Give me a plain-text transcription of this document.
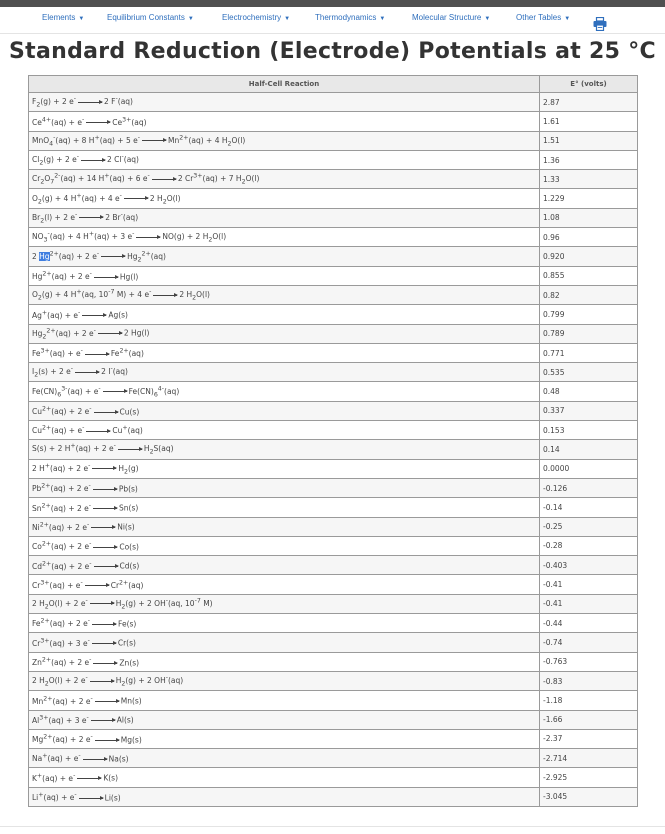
Elements ▼	Equilibrium Constants ▼	Electrochemistry ▼	Thermodynamics ▼	Molecular Structure ▼	Other Tables ▼
Standard Reduction (Electrode) Potentials at 25 °C
Half-Cell Reaction	E° (volts)
$F_2(g) + 2$ e- → 2 F-(aq)	2.87
$Ce^{4+}(aq) + e^- \to Ce^{3+}(aq)$	1.61
MnO$_4$-(aq) + 8 H+(aq) + 5 $e^- \to Mn^{2+}(aq) + 4$ $H_2O(l)$	1.51
$Cl_2(g) + 2$ e- → 2 Cl-(aq)	1.36
$Cr_2O_7^{2-}(aq) + 14$ H+(aq) + 6 e- → 2 $Cr^{3+}(aq) + 7$ $H_2O(l)$	1.33
$O_2(g) + 4$ H+(aq) + 4 e- → 2 $H_2O(l)$	1.229
$Br_2(l) + 2$ e- → 2 Br-(aq)	1.08
$NO_3^-(aq) + 4$ H+(aq) + 3 e- → NO(g) + 2 $H_2O(l)$	0.96
2 $Hg^{2+}(aq) + 2$ $e^- \to Hg_2^{2+}(aq)$	0.920
$Hg^{2+}(aq) + 2$ e- → Hg(l)	0.855
$O_2(g) + 4$ H+(aq, $10^{-7}$ M) + 4 e- → 2 $H_2O(l)$	0.82
Ag+(aq) + e- → Ag(s)	0.799
$Hg_2^{2+}(aq) + 2$ e- → 2 Hg(l)	0.789
$Fe^{3+}(aq) + e^- \to Fe^{2+}(aq)$	0.771
$I_2(s) + 2$ e- → 2 I-(aq)	0.535
$Fe(CN)_6^{3-}(aq) + e^- \to Fe(CN)_6^{4-}(aq)$	0.48
$Cu^{2+}(aq) + 2$ e- → Cu(s)	0.337
$Cu^{2+}(aq) + e^- \to Cu^+(aq)$	0.153
S(s) + 2 H+(aq) + 2 $e^- \to H_2S(aq)$	0.14
2 H+(aq) + 2 $e^- \to H_2(g)$	0.0000
$Pb^{2+}(aq) + 2$ e- → Pb(s)	-0.126
$Sn^{2+}(aq) + 2$ e- → Sn(s)	-0.14
$Ni^{2+}(aq) + 2$ e- → Ni(s)	-0.25
$Co^{2+}(aq) + 2$ e- → Co(s)	-0.28
$Cd^{2+}(aq) + 2$ e- → Cd(s)	-0.403
$Cr^{3+}(aq) + e^- \to Cr^{2+}(aq)$	-0.41
2 $H_2O(l) + 2$ $e^- \to H_2(g) + 2$ OH-(aq, $10^{-7}$ M)	-0.41
$Fe^{2+}(aq) + 2$ e- → Fe(s)	-0.44
$Cr^{3+}(aq) + 3$ e- → Cr(s)	-0.74
$Zn^{2+}(aq) + 2$ e- → Zn(s)	-0.763
2 $H_2O(l) + 2$ $e^- \to H_2(g) + 2$ OH-(aq)	-0.83
$Mn^{2+}(aq) + 2$ e- → Mn(s)	-1.18
$Al^{3+}(aq) + 3$ e- → Al(s)	-1.66
$Mg^{2+}(aq) + 2$ e- → Mg(s)	-2.37
Na+(aq) + e- → Na(s)	-2.714
K+(aq) + e- → K(s)	-2.925
Li+(aq) + e- → Li(s)	-3.045
